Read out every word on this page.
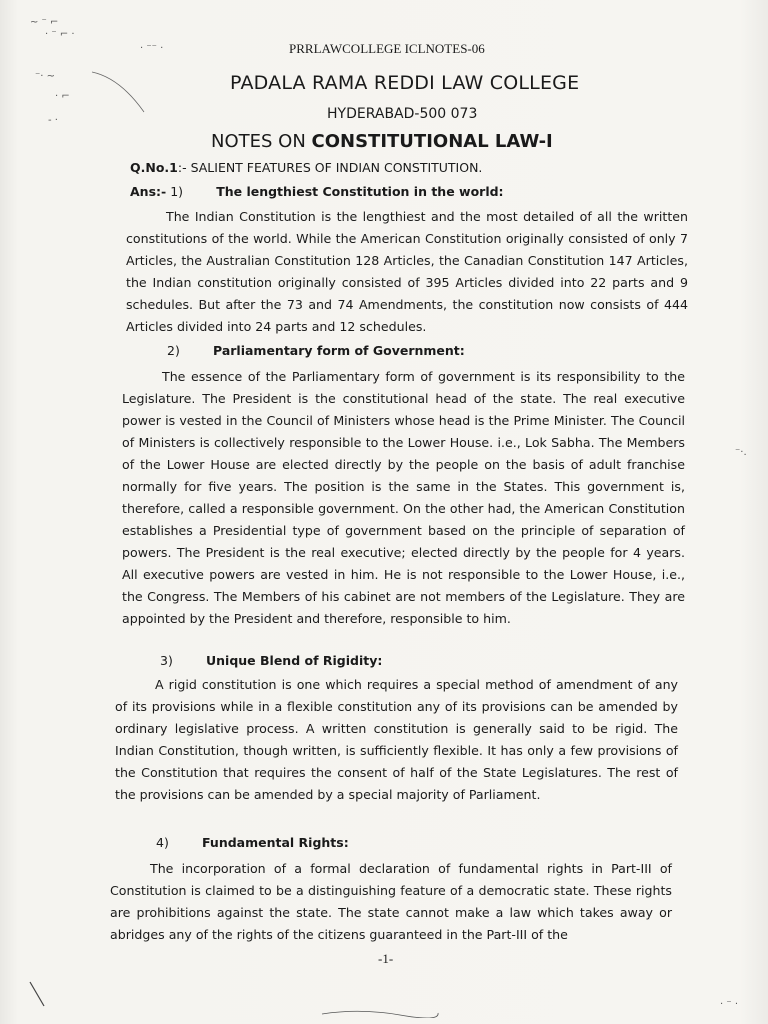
~ ⁻ ⌐
· ⁻ ⌐ ·
⁻· ~
· ⌐
- ·
· ⁻⁻ ·
⁻·.
· ⁻ ·
PRRLAWCOLLEGE ICLNOTES-06
PADALA RAMA REDDI LAW COLLEGE
HYDERABAD-500 073
NOTES ON CONSTITUTIONAL LAW-I
Q.No.1:- SALIENT FEATURES OF INDIAN CONSTITUTION.
Ans:- 1)	The lengthiest Constitution in the world:

The Indian Constitution is the lengthiest and the most detailed of all the written constitutions of the world. While the American Constitution originally consisted of only 7 Articles, the Australian Constitution 128 Articles, the Canadian Constitution 147 Articles, the Indian constitution originally consisted of 395 Articles divided into 22 parts and 9 schedules. But after the 73 and 74 Amendments, the constitution now consists of 444 Articles divided into 24 parts and 12 schedules.

2)	Parliamentary form of Government:

The essence of the Parliamentary form of government is its responsibility to the Legislature. The President is the constitutional head of the state. The real executive power is vested in the Council of Ministers whose head is the Prime Minister. The Council of Ministers is collectively responsible to the Lower House. i.e., Lok Sabha. The Members of the Lower House are elected directly by the people on the basis of adult franchise normally for five years. The position is the same in the States. This government is, therefore, called a responsible government. On the other had, the American Constitution establishes a Presidential type of government based on the principle of separation of powers. The President is the real executive; elected directly by the people for 4 years. All executive powers are vested in him. He is not responsible to the Lower House, i.e., the Congress. The Members of his cabinet are not members of the Legislature. They are appointed by the President and therefore, responsible to him.

3)	Unique Blend of Rigidity:

A rigid constitution is one which requires a special method of amendment of any of its provisions while in a flexible constitution any of its provisions can be amended by ordinary legislative process. A written constitution is generally said to be rigid. The Indian Constitution, though written, is sufficiently flexible. It has only a few provisions of the Constitution that requires the consent of half of the State Legislatures. The rest of the provisions can be amended by a special majority of Parliament.

4)	Fundamental Rights:

The incorporation of a formal declaration of fundamental rights in Part-III of Constitution is claimed to be a distinguishing feature of a democratic state. These rights are prohibitions against the state. The state cannot make a law which takes away or abridges any of the rights of the citizens guaranteed in the Part-III of the

-1-
